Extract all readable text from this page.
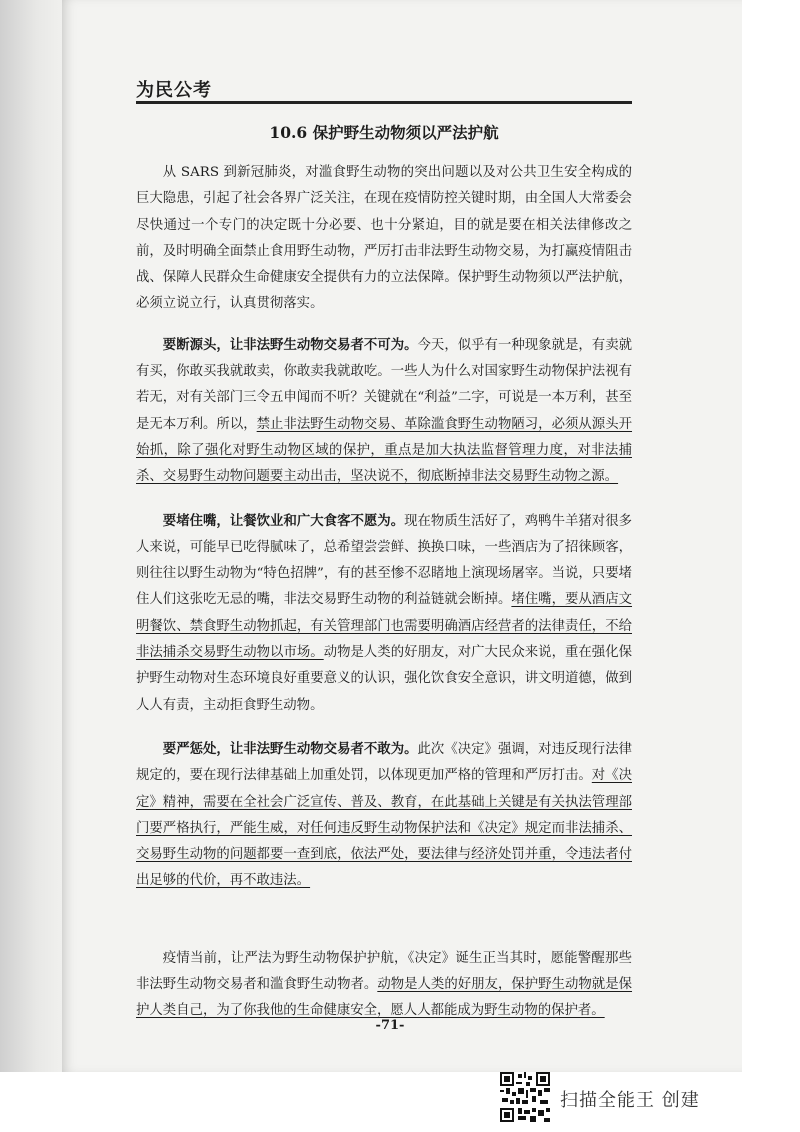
为民公考
10.6 保护野生动物须以严法护航

从 SARS 到新冠肺炎，对滥食野生动物的突出问题以及对公共卫生安全构成的巨大隐患，引起了社会各界广泛关注，在现在疫情防控关键时期，由全国人大常委会尽快通过一个专门的决定既十分必要、也十分紧迫，目的就是要在相关法律修改之前，及时明确全面禁止食用野生动物，严厉打击非法野生动物交易，为打赢疫情阻击战、保障人民群众生命健康安全提供有力的立法保障。保护野生动物须以严法护航，必须立说立行，认真贯彻落实。

要断源头，让非法野生动物交易者不可为。今天，似乎有一种现象就是，有卖就有买，你敢买我就敢卖，你敢卖我就敢吃。一些人为什么对国家野生动物保护法视有若无，对有关部门三令五申闻而不听？关键就在“利益”二字，可说是一本万利，甚至是无本万利。所以，禁止非法野生动物交易、革除滥食野生动物陋习，必须从源头开始抓，除了强化对野生动物区域的保护，重点是加大执法监督管理力度，对非法捕杀、交易野生动物问题要主动出击，坚决说不，彻底断掉非法交易野生动物之源。

要堵住嘴，让餐饮业和广大食客不愿为。现在物质生活好了，鸡鸭牛羊猪对很多人来说，可能早已吃得腻味了，总希望尝尝鲜、换换口味，一些酒店为了招徕顾客，则往往以野生动物为“特色招牌”，有的甚至惨不忍睹地上演现场屠宰。当说，只要堵住人们这张吃无忌的嘴，非法交易野生动物的利益链就会断掉。堵住嘴，要从酒店文明餐饮、禁食野生动物抓起，有关管理部门也需要明确酒店经营者的法律责任，不给非法捕杀交易野生动物以市场。动物是人类的好朋友，对广大民众来说，重在强化保护野生动物对生态环境良好重要意义的认识，强化饮食安全意识，讲文明道德，做到人人有责，主动拒食野生动物。

要严惩处，让非法野生动物交易者不敢为。此次《决定》强调，对违反现行法律规定的，要在现行法律基础上加重处罚，以体现更加严格的管理和严厉打击。对《决定》精神，需要在全社会广泛宣传、普及、教育，在此基础上关键是有关执法管理部门要严格执行，严能生威，对任何违反野生动物保护法和《决定》规定而非法捕杀、交易野生动物的问题都要一查到底，依法严处，要法律与经济处罚并重，令违法者付出足够的代价，再不敢违法。

疫情当前，让严法为野生动物保护护航，《决定》诞生正当其时，愿能警醒那些非法野生动物交易者和滥食野生动物者。动物是人类的好朋友，保护野生动物就是保护人类自己，为了你我他的生命健康安全，愿人人都能成为野生动物的保护者。

-71-
扫描全能王 创建
